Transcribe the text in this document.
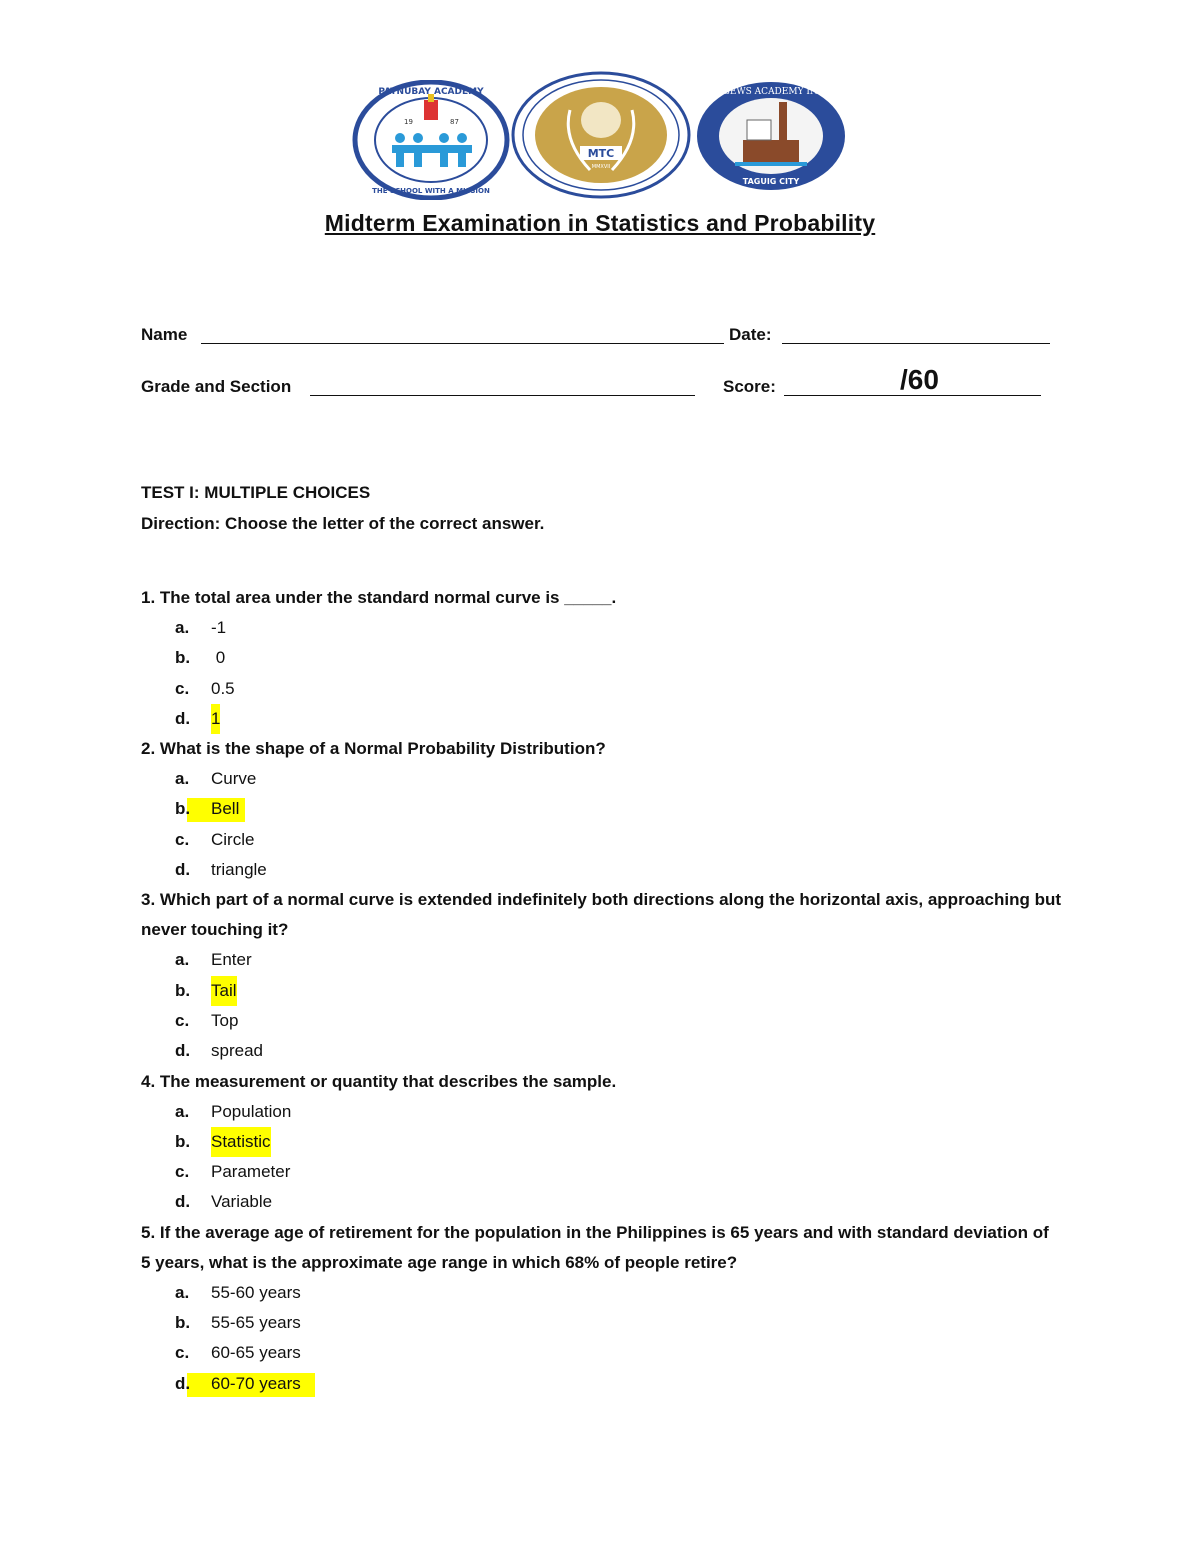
19	87
PATNUBAY ACADEMY
THE SCHOOL WITH A MISSION
MTC
MMXVII
NGEWS ACADEMY INC.
TAGUIG CITY
Midterm Examination in Statistics and Probability
Name	Date:
Grade and Section	Score:	/60
TEST I: MULTIPLE CHOICES
Direction: Choose the letter of the correct answer.
1. The total area under the standard normal curve is _____.
a. -1
b. 0
c. 0.5
d. 1
2. What is the shape of a Normal Probability Distribution?
a. Curve
b. Bell
c. Circle
d. triangle
3. Which part of a normal curve is extended indefinitely both directions along the horizontal axis, approaching but never touching it?
a. Enter
b. Tail
c. Top
d. spread
4. The measurement or quantity that describes the sample.
a. Population
b. Statistic
c. Parameter
d. Variable
5. If the average age of retirement for the population in the Philippines is 65 years and with standard deviation of 5 years, what is the approximate age range in which 68% of people retire?
a. 55-60 years
b. 55-65 years
c. 60-65 years
d. 60-70 years
